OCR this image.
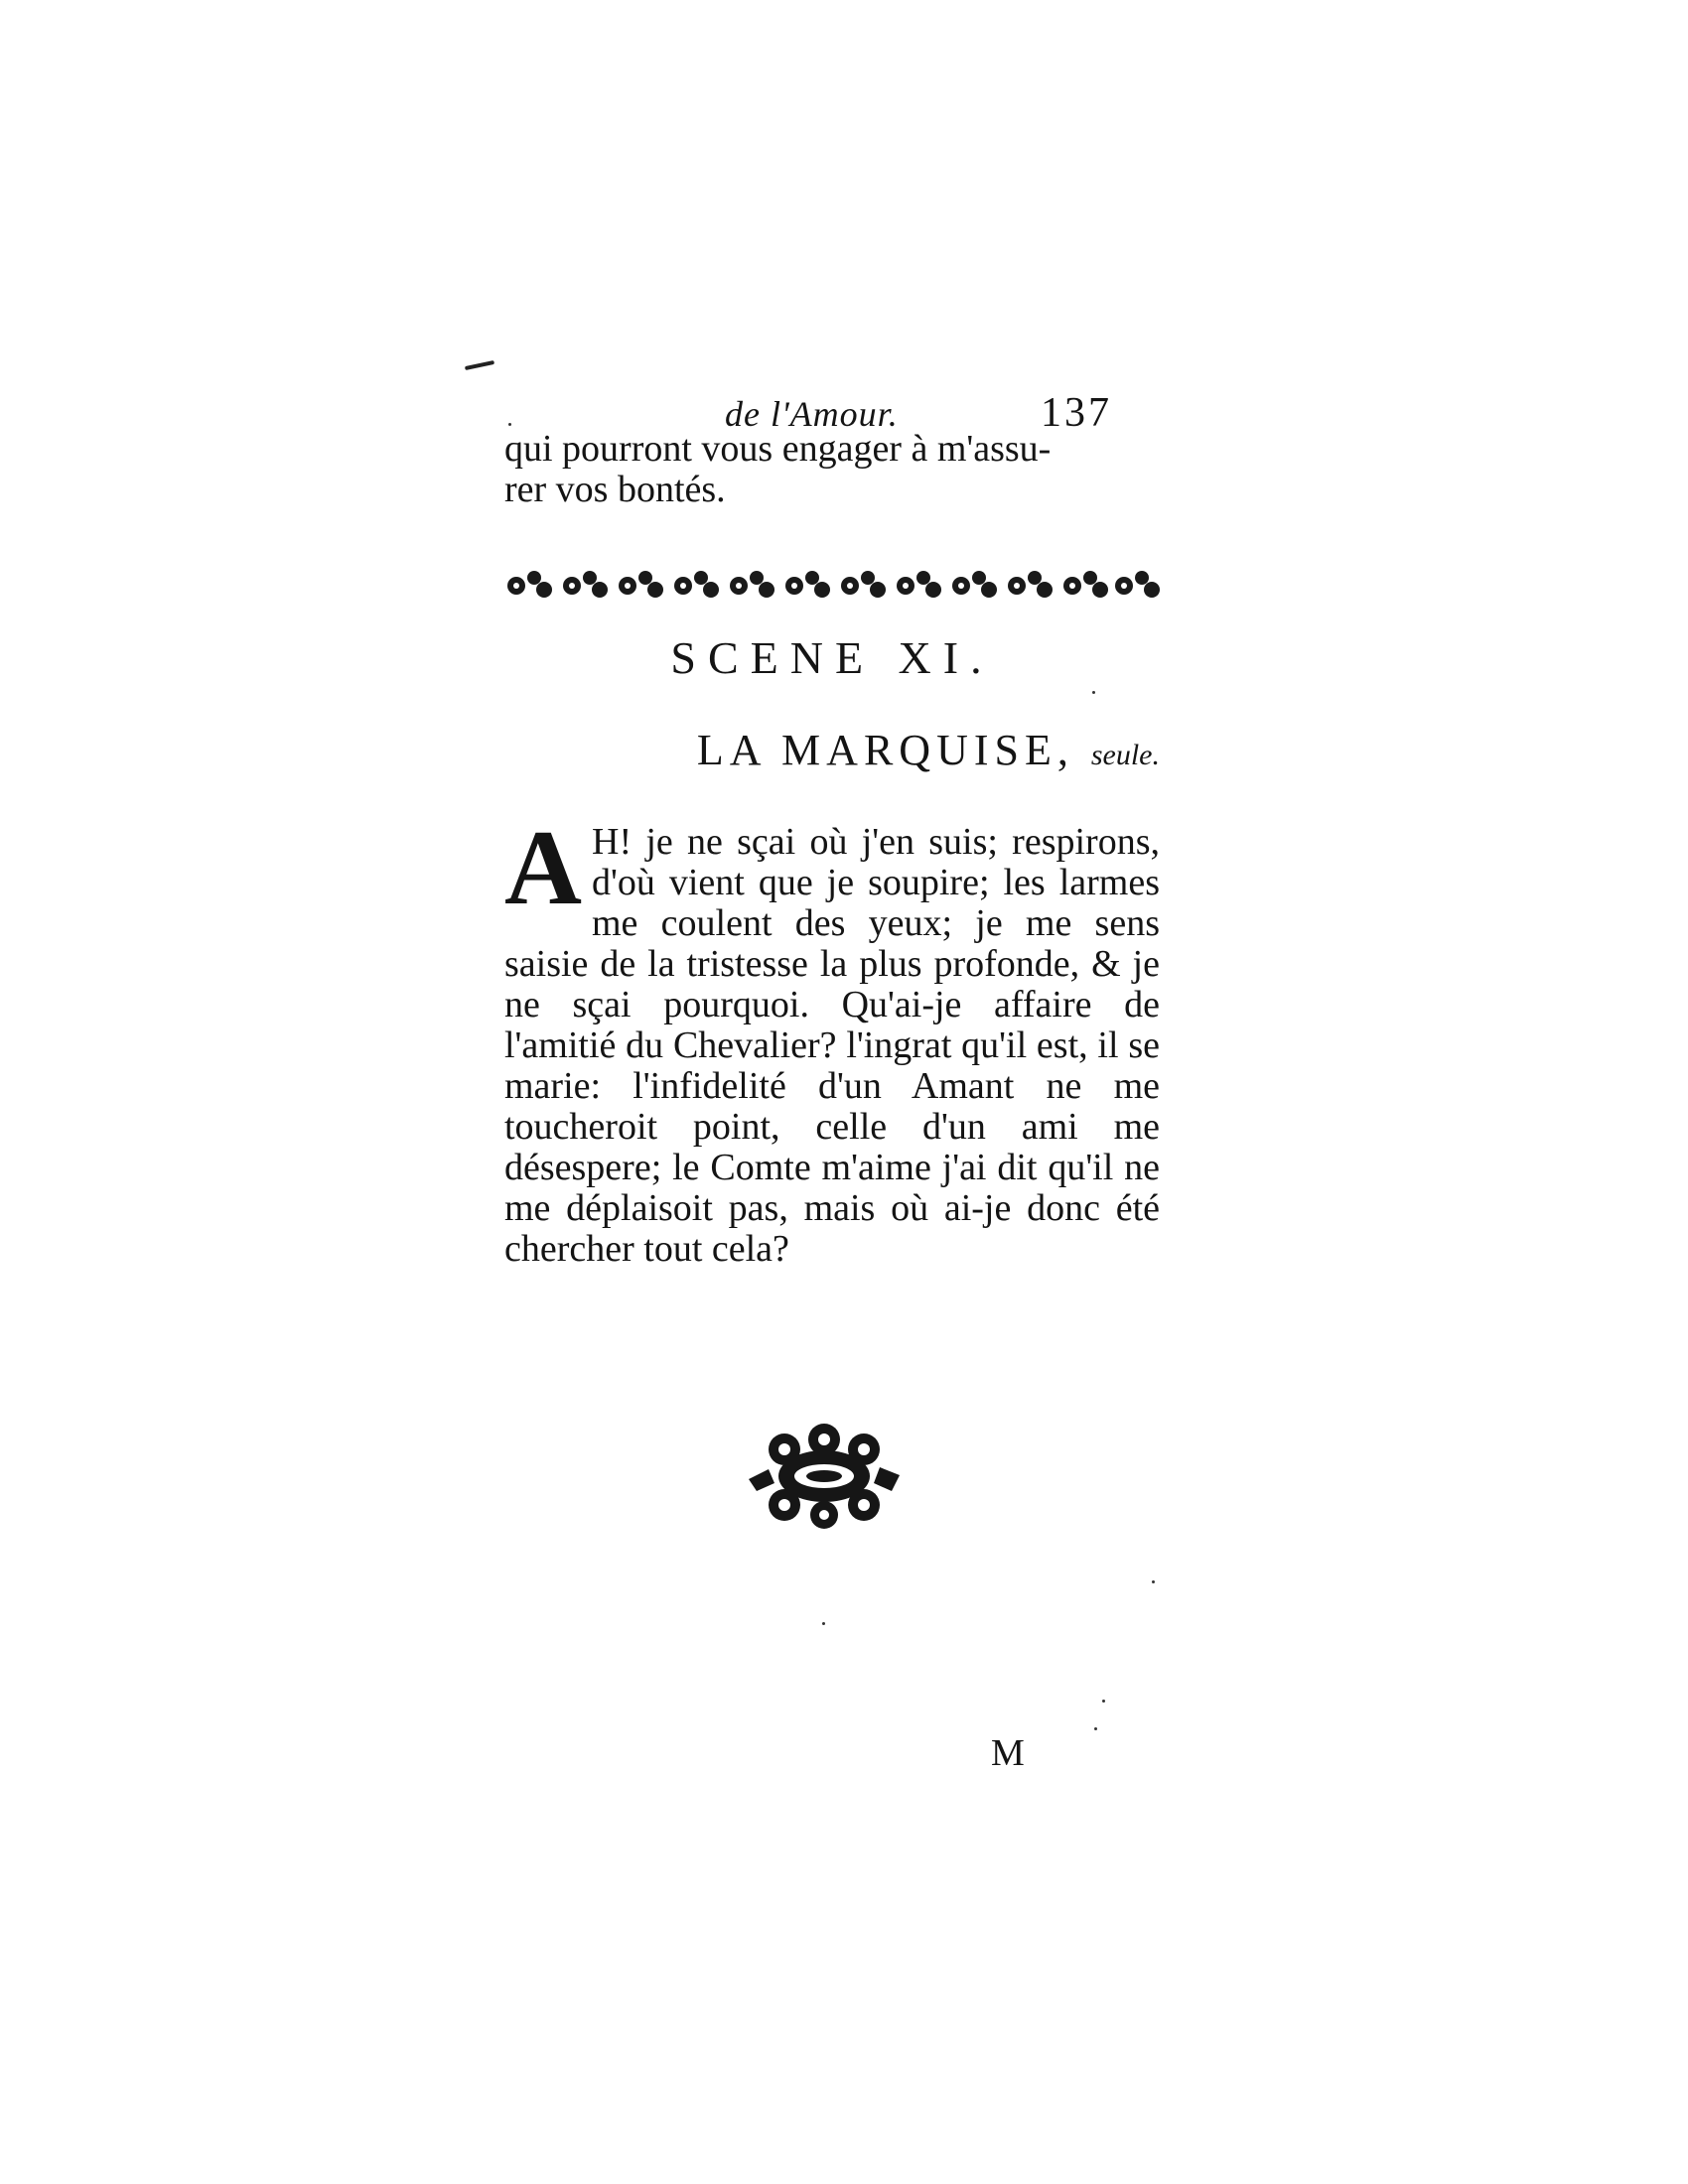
de l'Amour.	137

qui pourront vous engager à m'assu-

rer vos bontés.

SCENE XI.
LA MARQUISE, seule.
A H! je ne sçai où j'en suis; respirons, d'où vient que je soupire; les larmes me coulent des yeux; je me sens saisie de la tristesse la plus profonde, & je ne sçai pourquoi. Qu'ai-je affaire de l'amitié du Chevalier? l'ingrat qu'il est, il se marie: l'infidelité d'un Amant ne me toucheroit point, celle d'un ami me désespere; le Comte m'aime j'ai dit qu'il ne me déplaisoit pas, mais où ai-je donc été chercher tout cela?
M
